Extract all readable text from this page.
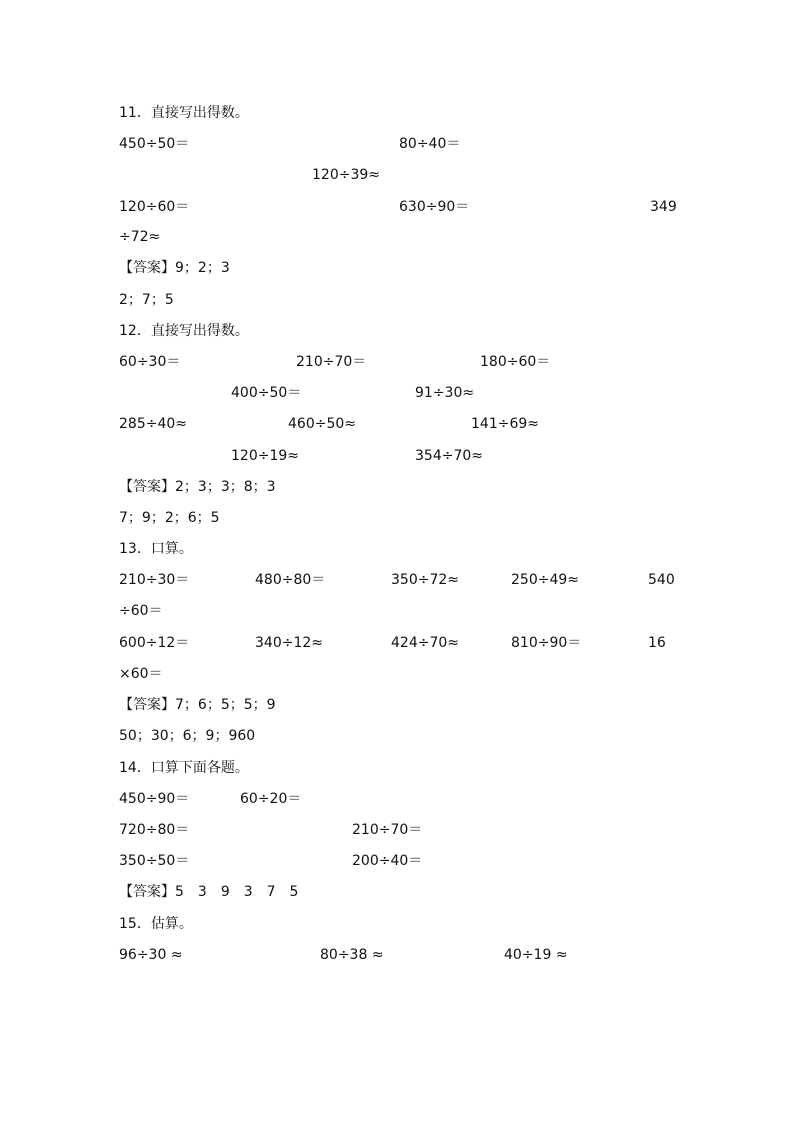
11．直接写出得数。
450÷50＝	80÷40＝
120÷39≈
120÷60＝	630÷90＝	349
÷72≈
【答案】9；2；3
2；7；5
12．直接写出得数。
60÷30＝	210÷70＝	180÷60＝
400÷50＝	91÷30≈
285÷40≈	460÷50≈	141÷69≈
120÷19≈	354÷70≈
【答案】2；3；3；8；3
7；9；2；6；5
13．口算。
210÷30＝	480÷80＝	350÷72≈	250÷49≈	540
÷60＝
600÷12＝	340÷12≈	424÷70≈	810÷90＝	16
×60＝
【答案】7；6；5；5；9
50；30；6；9；960
14．口算下面各题。
450÷90＝	60÷20＝
720÷80＝	210÷70＝
350÷50＝	200÷40＝
【答案】5　3　9　3　7　5
15．估算。
96÷30 ≈	80÷38 ≈	40÷19 ≈
